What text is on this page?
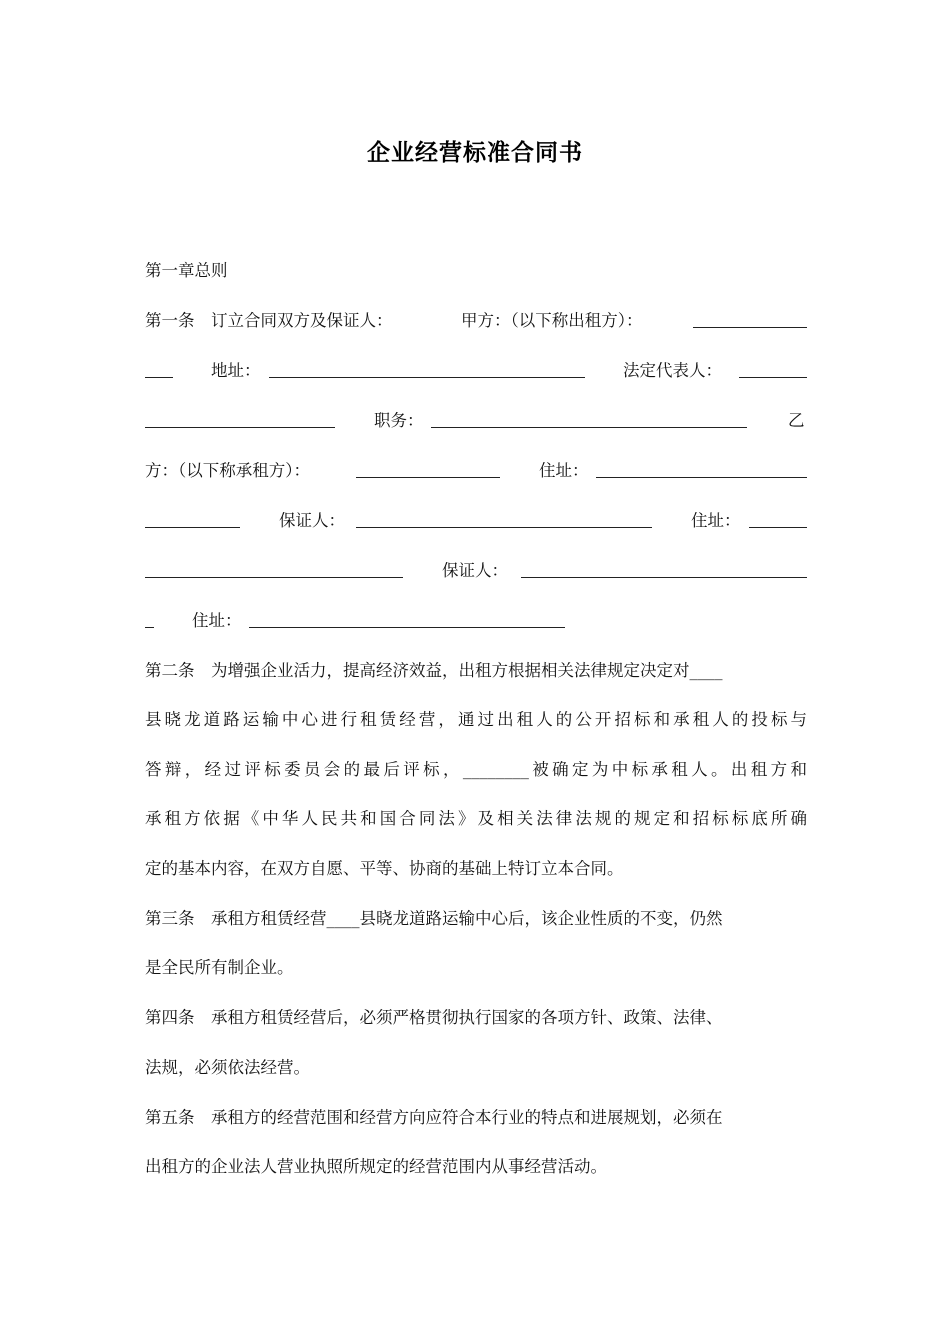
企业经营标准合同书
第一章总则
第一条 订立合同双方及保证人：	甲方：（以下称出租方）：
地址：	法定代表人：
职务：	乙
方：（以下称承租方）：	住址：
保证人：	住址：
保证人：
住址：
第二条 为增强企业活力，提高经济效益，出租方根据相关法律规定决定对____
县晓龙道路运输中心进行租赁经营，通过出租人的公开招标和承租人的投标与
答辩，经过评标委员会的最后评标，________被确定为中标承租人。出租方和
承租方依据《中华人民共和国合同法》及相关法律法规的规定和招标标底所确
定的基本内容，在双方自愿、平等、协商的基础上特订立本合同。
第三条 承租方租赁经营____县晓龙道路运输中心后，该企业性质的不变，仍然
是全民所有制企业。
第四条 承租方租赁经营后，必须严格贯彻执行国家的各项方针、政策、法律、
法规，必须依法经营。
第五条 承租方的经营范围和经营方向应符合本行业的特点和进展规划，必须在
出租方的企业法人营业执照所规定的经营范围内从事经营活动。
